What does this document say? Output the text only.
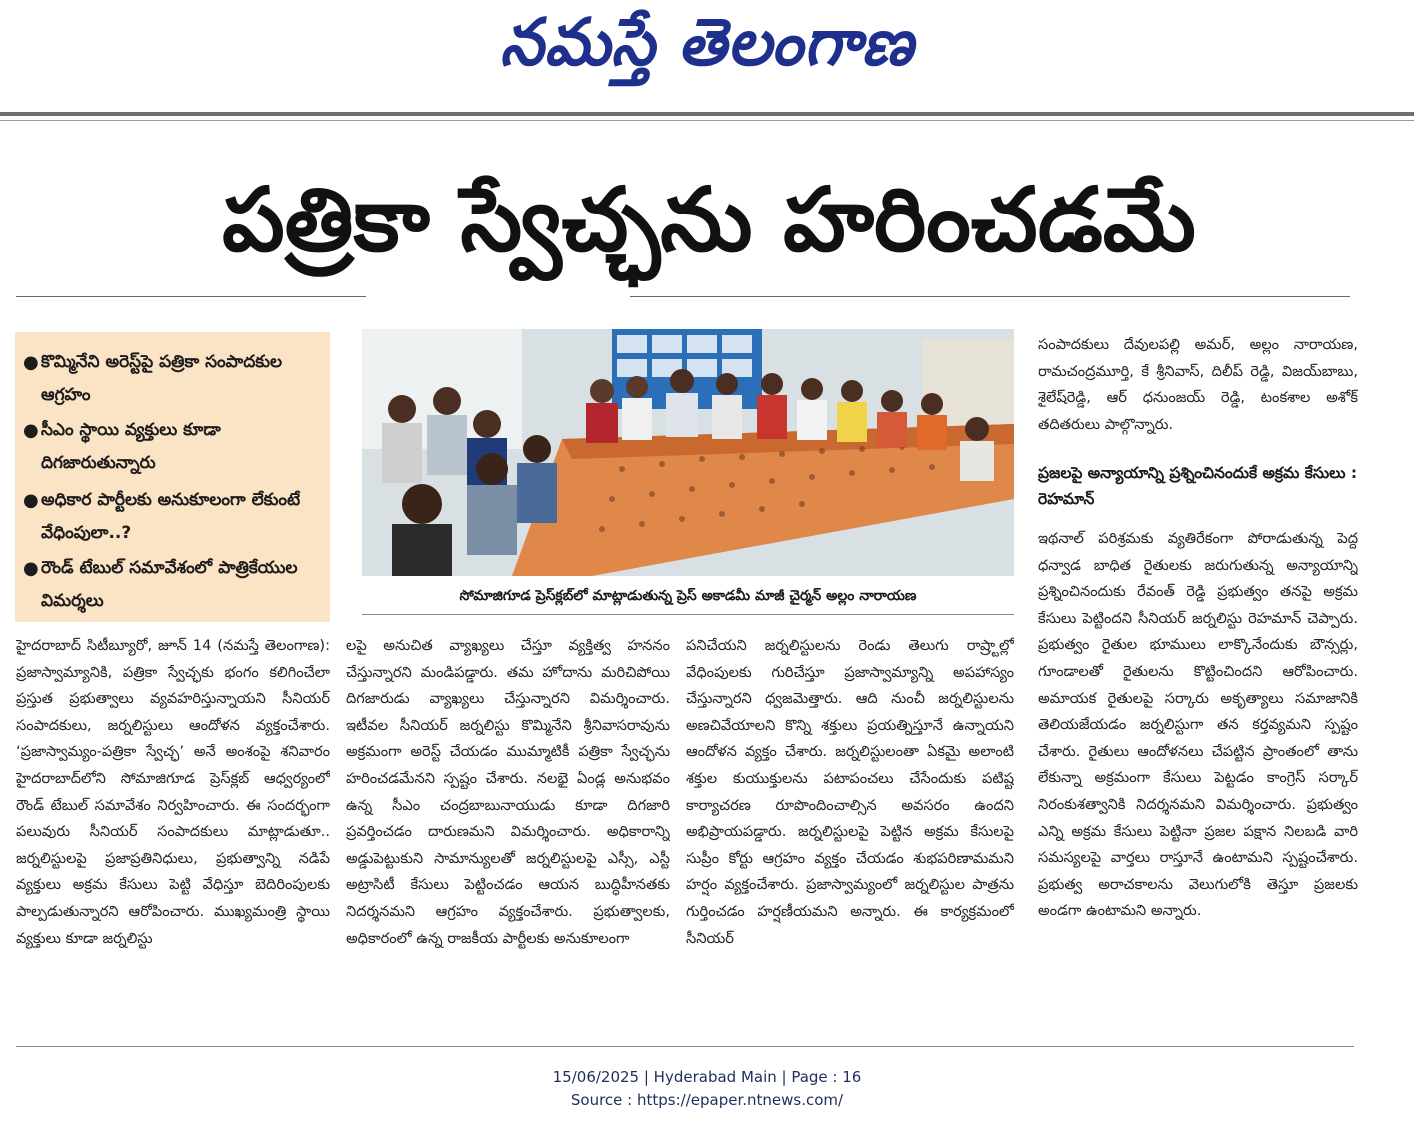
నమస్తే తెలంగాణ
పత్రికా స్వేచ్ఛను హరించడమే
● కొమ్మినేని అరెస్ట్‌పై పత్రికా సంపాదకుల ఆగ్రహం
● సీఎం స్థాయి వ్యక్తులు కూడా దిగజారుతున్నారు
● అధికార పార్టీలకు అనుకూలంగా లేకుంటే వేధింపులా..?
● రౌండ్‌ టేబుల్‌ సమావేశంలో పాత్రికేయుల విమర్శలు	సోమాజిగూడ ప్రెస్‌క్లబ్‌లో మాట్లాడుతున్న ప్రెస్‌ అకాడమీ మాజీ చైర్మన్‌ అల్లం నారాయణ
హైదరాబాద్‌ సిటీబ్యూరో, జూన్‌ 14 (నమస్తే తెలంగాణ): ప్రజాస్వామ్యానికి, పత్రికా స్వేచ్ఛకు భంగం కలిగించేలా ప్రస్తుత ప్రభుత్వాలు వ్యవహరిస్తున్నాయని సీనియర్‌ సంపాదకులు, జర్నలిస్టులు ఆందోళన వ్యక్తంచేశారు. ‘ప్రజాస్వామ్యం-పత్రికా స్వేచ్ఛ’ అనే అంశంపై శనివారం హైదరాబాద్‌లోని సోమాజిగూడ ప్రెస్‌క్లబ్‌ ఆధ్వర్యంలో రౌండ్‌ టేబుల్‌ సమావేశం నిర్వహించారు. ఈ సందర్భంగా పలువురు సీనియర్‌ సంపాదకులు మాట్లాడుతూ.. జర్నలిస్టులపై ప్రజాప్రతినిధులు, ప్రభుత్వాన్ని నడిపే వ్యక్తులు అక్రమ కేసులు పెట్టి వేధిస్తూ బెదిరింపులకు పాల్పడుతున్నారని ఆరోపించారు. ముఖ్యమంత్రి స్థాయి వ్యక్తులు కూడా జర్నలిస్టు
లపై అనుచిత వ్యాఖ్యలు చేస్తూ వ్యక్తిత్వ హననం చేస్తున్నారని మండిపడ్డారు. తమ హోదాను మరిచిపోయి దిగజారుడు వ్యాఖ్యలు చేస్తున్నారని విమర్శించారు. ఇటీవల సీనియర్‌ జర్నలిస్టు కొమ్మినేని శ్రీనివాసరావును అక్రమంగా అరెస్ట్‌ చేయడం ముమ్మాటికీ పత్రికా స్వేచ్ఛను హరించడమేనని స్పష్టం చేశారు. నలభై ఏండ్ల అనుభవం ఉన్న సీఎం చంద్రబాబునాయుడు కూడా దిగజారి ప్రవర్తించడం దారుణమని విమర్శించారు. అధికారాన్ని అడ్డుపెట్టుకుని సామాన్యులతో జర్నలిస్టులపై ఎస్సీ, ఎస్టీ అట్రాసిటీ కేసులు పెట్టించడం ఆయన బుద్ధిహీనతకు నిదర్శనమని ఆగ్రహం వ్యక్తంచేశారు. ప్రభుత్వాలకు, అధికారంలో ఉన్న రాజకీయ పార్టీలకు అనుకూలంగా
పనిచేయని జర్నలిస్టులను రెండు తెలుగు రాష్ర్టాల్లో వేధింపులకు గురిచేస్తూ ప్రజాస్వామ్యాన్ని అపహాస్యం చేస్తున్నారని ధ్వజమెత్తారు. ఆది నుంచీ జర్నలిస్టులను అణచివేయాలని కొన్ని శక్తులు ప్రయత్నిస్తూనే ఉన్నాయని ఆందోళన వ్యక్తం చేశారు. జర్నలిస్టులంతా ఏకమై అలాంటి శక్తుల కుయుక్తులను పటాపంచలు చేసేందుకు పటిష్ట కార్యాచరణ రూపొందించాల్సిన అవసరం ఉందని అభిప్రాయపడ్డారు. జర్నలిస్టులపై పెట్టిన అక్రమ కేసులపై సుప్రీం కోర్టు ఆగ్రహం వ్యక్తం చేయడం శుభపరిణామమని హర్షం వ్యక్తంచేశారు. ప్రజాస్వామ్యంలో జర్నలిస్టుల పాత్రను గుర్తించడం హర్షణీయమని అన్నారు. ఈ కార్యక్రమంలో సీనియర్‌
సంపాదకులు దేవులపల్లి అమర్‌, అల్లం నారాయణ, రామచంద్రమూర్తి, కే శ్రీనివాస్‌, దిలీప్‌ రెడ్డి, విజయ్‌బాబు, శైలేష్‌రెడ్డి, ఆర్‌ ధనుంజయ్‌ రెడ్డి, టంకశాల అశోక్‌ తదితరులు పాల్గొన్నారు.
ప్రజలపై అన్యాయాన్ని ప్రశ్నించినందుకే అక్రమ కేసులు : రెహమాన్‌
ఇథనాల్‌ పరిశ్రమకు వ్యతిరేకంగా పోరాడుతున్న పెద్ద ధన్వాడ బాధిత రైతులకు జరుగుతున్న అన్యాయాన్ని ప్రశ్నించినందుకు రేవంత్‌ రెడ్డి ప్రభుత్వం తనపై అక్రమ కేసులు పెట్టిందని సీనియర్‌ జర్నలిస్టు రెహమాన్‌ చెప్పారు. ప్రభుత్వం రైతుల భూములు లాక్కొనేందుకు బౌన్సర్లు, గూండాలతో రైతులను కొట్టించిందని ఆరోపించారు. అమాయక రైతులపై సర్కారు అకృత్యాలు సమాజానికి తెలియజేయడం జర్నలిస్టుగా తన కర్తవ్యమని స్పష్టం చేశారు. రైతులు ఆందోళనలు చేపట్టిన ప్రాంతంలో తాను లేకున్నా అక్రమంగా కేసులు పెట్టడం కాంగ్రెస్‌ సర్కార్‌ నిరంకుశత్వానికి నిదర్శనమని విమర్శించారు. ప్రభుత్వం ఎన్ని అక్రమ కేసులు పెట్టినా ప్రజల పక్షాన నిలబడి వారి సమస్యలపై వార్తలు రాస్తూనే ఉంటామని స్పష్టంచేశారు. ప్రభుత్వ అరాచకాలను వెలుగులోకి తెస్తూ ప్రజలకు అండగా ఉంటామని అన్నారు.
15/06/2025 | Hyderabad Main | Page : 16
Source : https://epaper.ntnews.com/
